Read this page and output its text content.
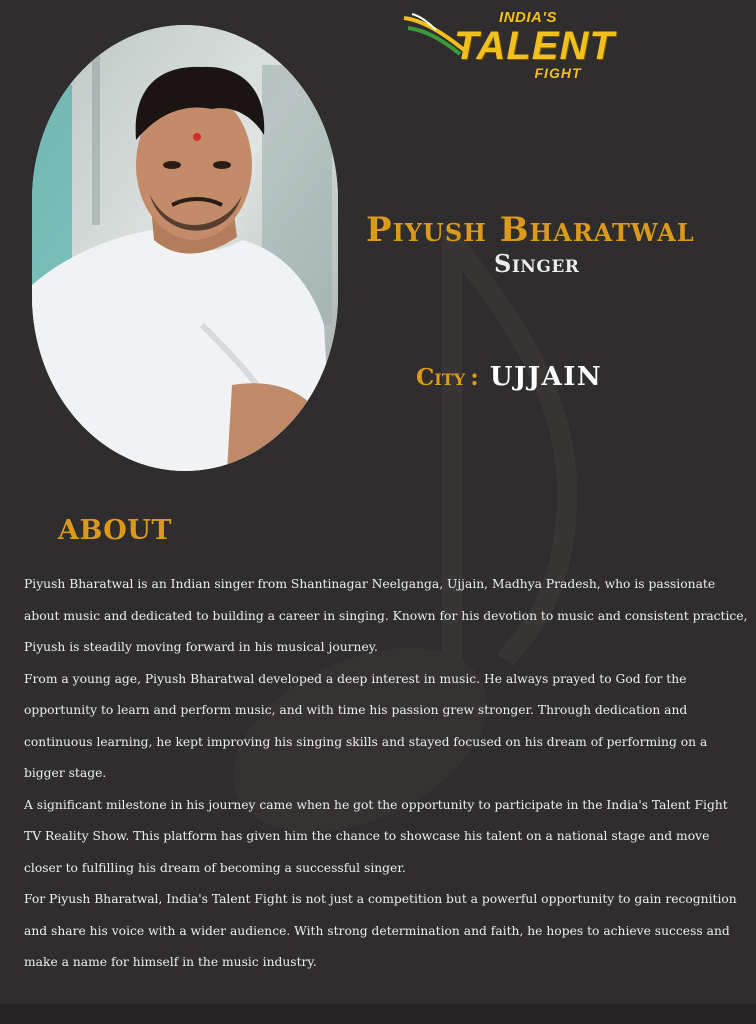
INDIA'S
TALENT
FIGHT
Piyush Bharatwal
Singer
City : UJJAIN
ABOUT

Piyush Bharatwal is an Indian singer from Shantinagar Neelganga, Ujjain, Madhya Pradesh, who is passionate about music and dedicated to building a career in singing. Known for his devotion to music and consistent practice, Piyush is steadily moving forward in his musical journey.

From a young age, Piyush Bharatwal developed a deep interest in music. He always prayed to God for the opportunity to learn and perform music, and with time his passion grew stronger. Through dedication and continuous learning, he kept improving his singing skills and stayed focused on his dream of performing on a bigger stage.

A significant milestone in his journey came when he got the opportunity to participate in the India's Talent Fight TV Reality Show. This platform has given him the chance to showcase his talent on a national stage and move closer to fulfilling his dream of becoming a successful singer.

For Piyush Bharatwal, India's Talent Fight is not just a competition but a powerful opportunity to gain recognition and share his voice with a wider audience. With strong determination and faith, he hopes to achieve success and make a name for himself in the music industry.
